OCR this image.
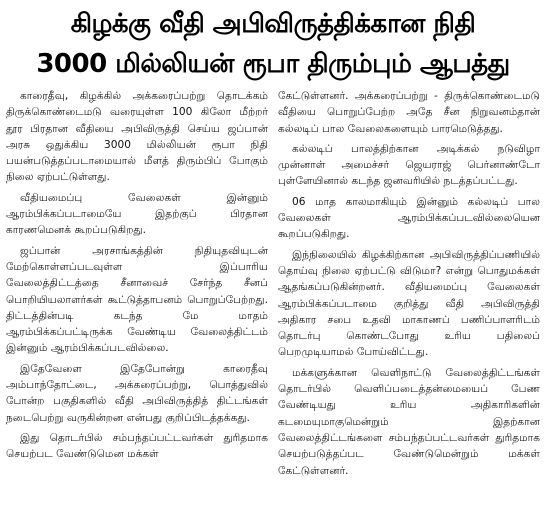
கிழக்கு வீதி அபிவிருத்திக்கான நிதி
3000 மில்லியன் ரூபா திரும்பும் ஆபத்து

காரைதீவு, கிழக்கில் அக்கரைப்பற்று தொடக்கம் திருக்கொண்டைமடு வரையுள்ள 100 கிலோ மீற்றர் தூர பிரதான வீதியை அபிவிருத்தி செய்ய ஜப்பான் அரசு ஒதுக்கிய 3000 மில்லியன் ரூபா நிதி பயன்படுத்தப்படாமையால் மீளத் திரும்பிப் போகும் நிலை ஏற்பட்டுள்ளது.

வீதியமைப்பு வேலைகள் இன்னும் ஆரம்பிக்கப்படாமையே இதற்குப் பிரதான காரணமெனக் கூறப்படுகிறது.

ஜப்பான் அரசாங்கத்தின் நிதியுதவியுடன் மேற்கொள்ளப்படவுள்ள இப்பாரிய வேலைத்திட்டத்தை சீனாவைச் சேர்ந்த சீனப் பொறியியலாளர்கள் கூட்டுத்தாபனம் பொறுப்பேற்றது. திட்டத்தின்படி கடந்த மே மாதம் ஆரம்பிக்கப்பட்டிருக்க வேண்டிய வேலைத்திட்டம் இன்னும் ஆரம்பிக்கப்படவில்லை.

இதேவேளை இதேபோன்று காரைதீவு அம்பாந்தோட்டை, அக்கரைப்பற்று, பொத்துவில் போன்ற பகுதிகளில் வீதி அபிவிருத்தித் திட்டங்கள் நடைபெற்று வருகின்றன என்பது குறிப்பிடத்தக்கது.

இது தொடர்பில் சம்பந்தப்பட்டவர்கள் துரிதமாக செயற்பட வேண்டுமென மக்கள்

கேட்டுள்ளனர். அக்கரைப்பற்று - திருக்கொண்டைமடு வீதியை பொறுப்பேற்ற அதே சீன நிறுவனம்தான் கல்லடிப் பால வேலைகளையும் பாரமெடுத்தது.

கல்லடிப் பாலத்திற்கான அடிக்கல் நடுவிழா முன்னாள் அமைச்சர் ஜெயராஜ் பெர்னாண்டோ புள்ளேயினால் கடந்த ஜனவரியில் நடத்தப்பட்டது.

06 மாத காலமாகியும் இன்னும் கல்லடிப் பால வேலைகள் ஆரம்பிக்கப்படவில்லையென கூறப்படுகிறது.

இந்நிலையில் கிழக்கிற்கான அபிவிருத்திப்பணியில் தொய்வு நிலை ஏற்பட்டு விடுமா? என்று பொதுமக்கள் ஆதங்கப்படுகின்றனர். வீதியமைப்பு வேலைகள் ஆரம்பிக்கப்படாமை குறித்து வீதி அபிவிருத்தி அதிகார சபை உதவி மாகாணப் பணிப்பாளரிடம் தொடர்பு கொண்டபோது உரிய பதிலைப் பெறமுடியாமல் போய்விட்டது.

மக்களுக்கான வெளிநாட்டு வேலைத்திட்டங்கள் தொடர்பில் வெளிப்படைத்தன்மையைப் பேண வேண்டியது உரிய அதிகாரிகளின் கடமையுமாகுமென்றும் இதற்கான வேலைத்திட்டங்களை சம்பந்தப்பட்டவர்கள் துரிதமாக செயற்படுத்தப்பட வேண்டுமென்றும் மக்கள் கேட்டுள்ளனர்.
